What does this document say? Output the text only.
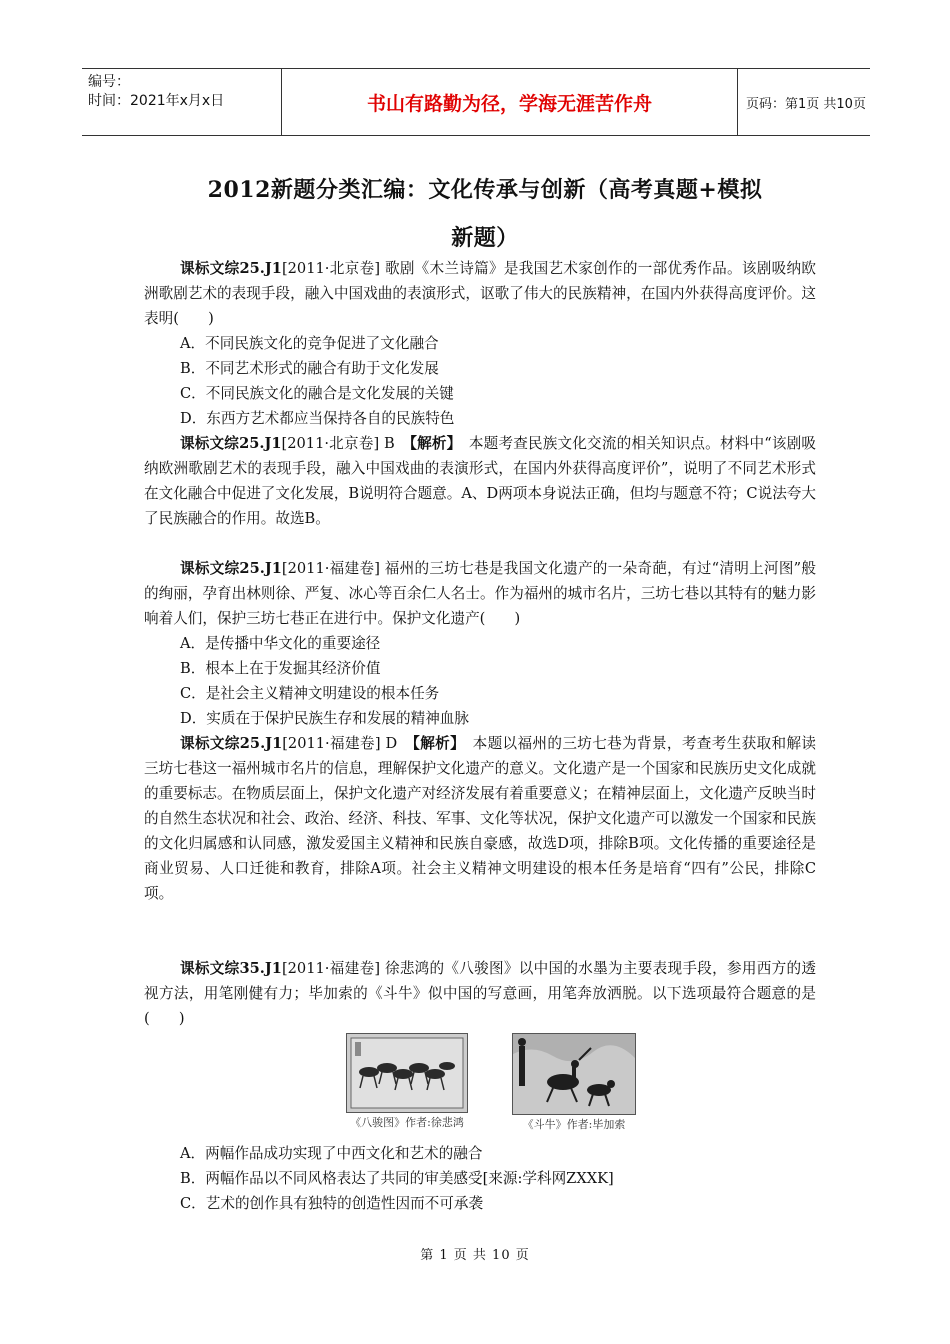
编号：
时间：2021年x月x日	书山有路勤为径，学海无涯苦作舟	页码：第1页 共10页
2012新题分类汇编：文化传承与创新（高考真题+模拟
新题）

课标文综25.J1[2011·北京卷] 歌剧《木兰诗篇》是我国艺术家创作的一部优秀作品。该剧吸纳欧洲歌剧艺术的表现手段，融入中国戏曲的表演形式，讴歌了伟大的民族精神，在国内外获得高度评价。这表明(　　)

A．不同民族文化的竞争促进了文化融合

B．不同艺术形式的融合有助于文化发展

C．不同民族文化的融合是文化发展的关键

D．东西方艺术都应当保持各自的民族特色

课标文综25.J1[2011·北京卷] B　【解析】　本题考查民族文化交流的相关知识点。材料中“该剧吸纳欧洲歌剧艺术的表现手段，融入中国戏曲的表演形式，在国内外获得高度评价”，说明了不同艺术形式在文化融合中促进了文化发展，B说明符合题意。A、D两项本身说法正确，但均与题意不符；C说法夸大了民族融合的作用。故选B。

课标文综25.J1[2011·福建卷] 福州的三坊七巷是我国文化遗产的一朵奇葩，有过“清明上河图”般的绚丽，孕育出林则徐、严复、冰心等百余仁人名士。作为福州的城市名片，三坊七巷以其特有的魅力影响着人们，保护三坊七巷正在进行中。保护文化遗产(　　)

A．是传播中华文化的重要途径

B．根本上在于发掘其经济价值

C．是社会主义精神文明建设的根本任务

D．实质在于保护民族生存和发展的精神血脉

课标文综25.J1[2011·福建卷] D　【解析】　本题以福州的三坊七巷为背景，考查考生获取和解读三坊七巷这一福州城市名片的信息，理解保护文化遗产的意义。文化遗产是一个国家和民族历史文化成就的重要标志。在物质层面上，保护文化遗产对经济发展有着重要意义；在精神层面上，文化遗产反映当时的自然生态状况和社会、政治、经济、科技、军事、文化等状况，保护文化遗产可以激发一个国家和民族的文化归属感和认同感，激发爱国主义精神和民族自豪感，故选D项，排除B项。文化传播的重要途径是商业贸易、人口迁徙和教育，排除A项。社会主义精神文明建设的根本任务是培育“四有”公民，排除C项。

课标文综35.J1[2011·福建卷] 徐悲鸿的《八骏图》以中国的水墨为主要表现手段，参用西方的透视方法，用笔刚健有力；毕加索的《斗牛》似中国的写意画，用笔奔放洒脱。以下选项最符合题意的是(　　)

《八骏图》作者:徐悲鸿	《斗牛》作者:毕加索

A．两幅作品成功实现了中西文化和艺术的融合

B．两幅作品以不同风格表达了共同的审美感受[来源:学科网ZXXK]

C．艺术的创作具有独特的创造性因而不可承袭

第 1 页 共 10 页
